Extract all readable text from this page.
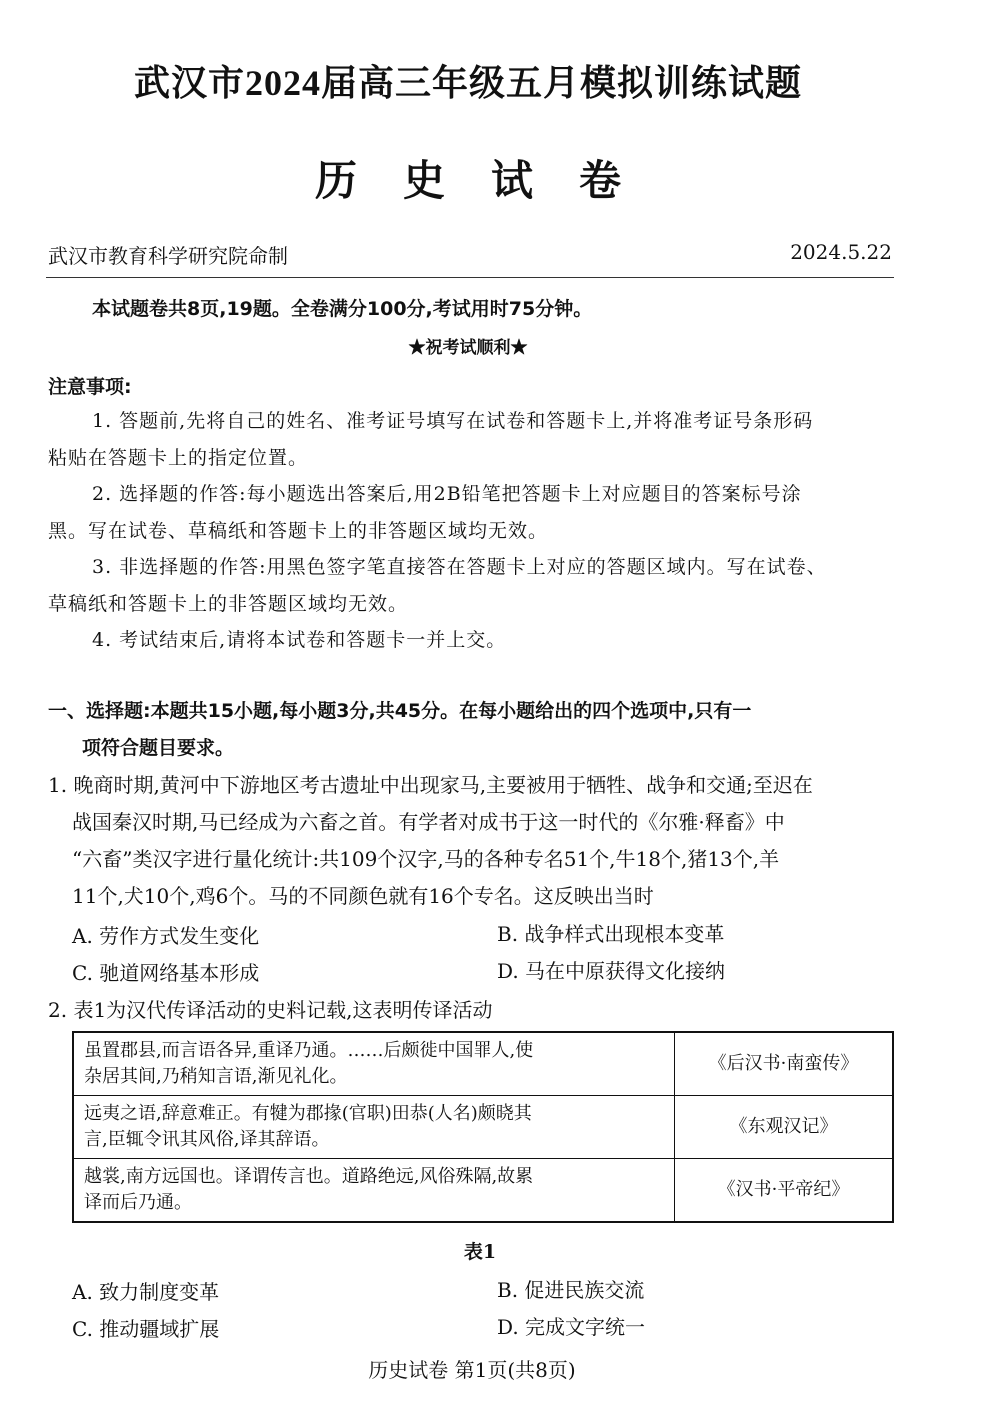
武汉市2024届高三年级五月模拟训练试题
历史试卷
武汉市教育科学研究院命制	2024.5.22
本试题卷共8页,19题。全卷满分100分,考试用时75分钟。
★祝考试顺利★
注意事项:
1. 答题前,先将自己的姓名、准考证号填写在试卷和答题卡上,并将准考证号条形码
粘贴在答题卡上的指定位置。
2. 选择题的作答:每小题选出答案后,用2B铅笔把答题卡上对应题目的答案标号涂
黑。写在试卷、草稿纸和答题卡上的非答题区域均无效。
3. 非选择题的作答:用黑色签字笔直接答在答题卡上对应的答题区域内。写在试卷、
草稿纸和答题卡上的非答题区域均无效。
4. 考试结束后,请将本试卷和答题卡一并上交。
一、选择题:本题共15小题,每小题3分,共45分。在每小题给出的四个选项中,只有一
项符合题目要求。
1. 晚商时期,黄河中下游地区考古遗址中出现家马,主要被用于牺牲、战争和交通;至迟在
战国秦汉时期,马已经成为六畜之首。有学者对成书于这一时代的《尔雅·释畜》中
“六畜”类汉字进行量化统计:共109个汉字,马的各种专名51个,牛18个,猪13个,羊
11个,犬10个,鸡6个。马的不同颜色就有16个专名。这反映出当时
A. 劳作方式发生变化	B. 战争样式出现根本变革
C. 驰道网络基本形成	D. 马在中原获得文化接纳
2. 表1为汉代传译活动的史料记载,这表明传译活动
虽置郡县,而言语各异,重译乃通。……后颇徙中国罪人,使
杂居其间,乃稍知言语,渐见礼化。	《后汉书·南蛮传》
远夷之语,辞意难正。有犍为郡掾(官职)田恭(人名)颇晓其
言,臣辄令讯其风俗,译其辞语。	《东观汉记》
越裳,南方远国也。译谓传言也。道路绝远,风俗殊隔,故累
译而后乃通。	《汉书·平帝纪》
表1
A. 致力制度变革	B. 促进民族交流
C. 推动疆域扩展	D. 完成文字统一
历史试卷 第1页(共8页)
